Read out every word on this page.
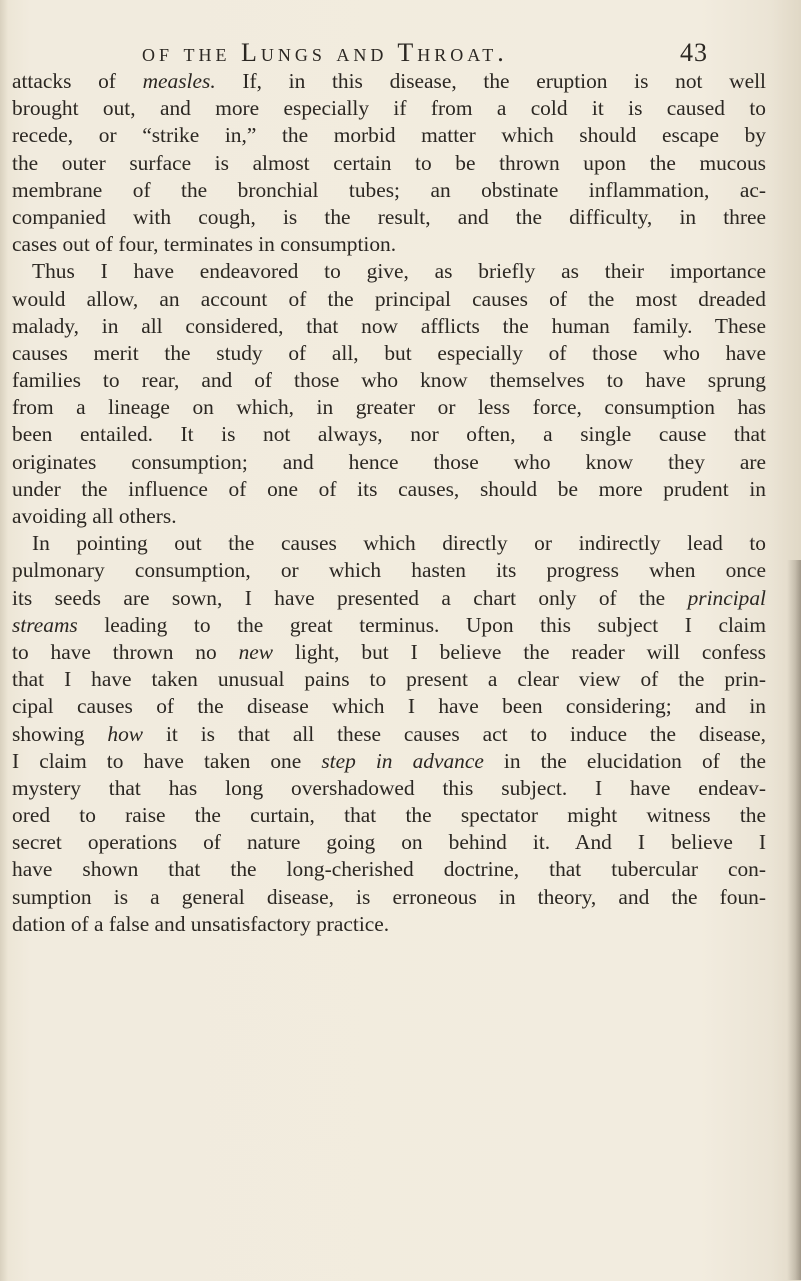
of the Lungs and Throat.	43
attacks of measles. If, in this disease, the eruption is not well
brought out, and more especially if from a cold it is caused to
recede, or “strike in,” the morbid matter which should escape by
the outer surface is almost certain to be thrown upon the mucous
membrane of the bronchial tubes; an obstinate inflammation, ac-
companied with cough, is the result, and the difficulty, in three
cases out of four, terminates in consumption.
Thus I have endeavored to give, as briefly as their importance
would allow, an account of the principal causes of the most dreaded
malady, in all considered, that now afflicts the human family. These
causes merit the study of all, but especially of those who have
families to rear, and of those who know themselves to have sprung
from a lineage on which, in greater or less force, consumption has
been entailed. It is not always, nor often, a single cause that
originates consumption; and hence those who know they are
under the influence of one of its causes, should be more prudent in
avoiding all others.
In pointing out the causes which directly or indirectly lead to
pulmonary consumption, or which hasten its progress when once
its seeds are sown, I have presented a chart only of the principal
streams leading to the great terminus. Upon this subject I claim
to have thrown no new light, but I believe the reader will confess
that I have taken unusual pains to present a clear view of the prin-
cipal causes of the disease which I have been considering; and in
showing how it is that all these causes act to induce the disease,
I claim to have taken one step in advance in the elucidation of the
mystery that has long overshadowed this subject. I have endeav-
ored to raise the curtain, that the spectator might witness the
secret operations of nature going on behind it. And I believe I
have shown that the long-cherished doctrine, that tubercular con-
sumption is a general disease, is erroneous in theory, and the foun-
dation of a false and unsatisfactory practice.
